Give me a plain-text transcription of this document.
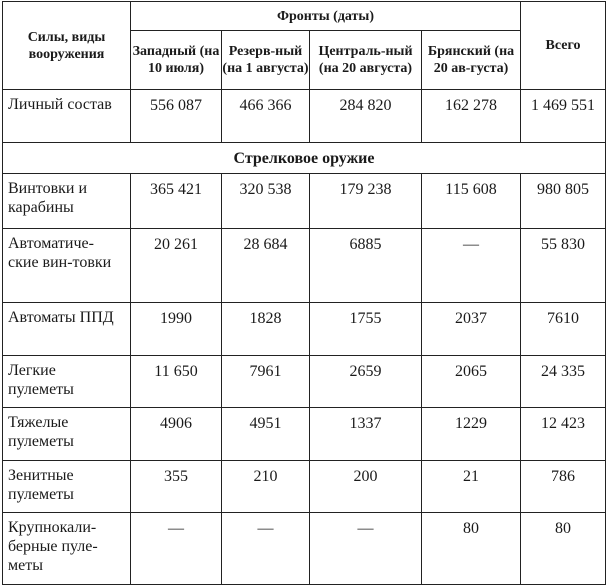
Силы, виды вооружения	Фронты (даты)				Всего
	Западный (на 10 июля)	Резерв-ный (на 1 августа)	Централь-ный (на 20 августа)	Брянский (на 20 ав-густа)	
Личный состав	556 087	466 366	284 820	162 278	1 469 551
Стрелковое оружие					
Винтовки и карабины	365 421	320 538	179 238	115 608	980 805
Автоматиче-ские вин-товки	20 261	28 684	6885	—	55 830
Автоматы ППД	1990	1828	1755	2037	7610
Легкие пулеметы	11 650	7961	2659	2065	24 335
Тяжелые пулеметы	4906	4951	1337	1229	12 423
Зенитные пулеметы	355	210	200	21	786
Крупнокали-берные пуле-меты	—	—	—	80	80
